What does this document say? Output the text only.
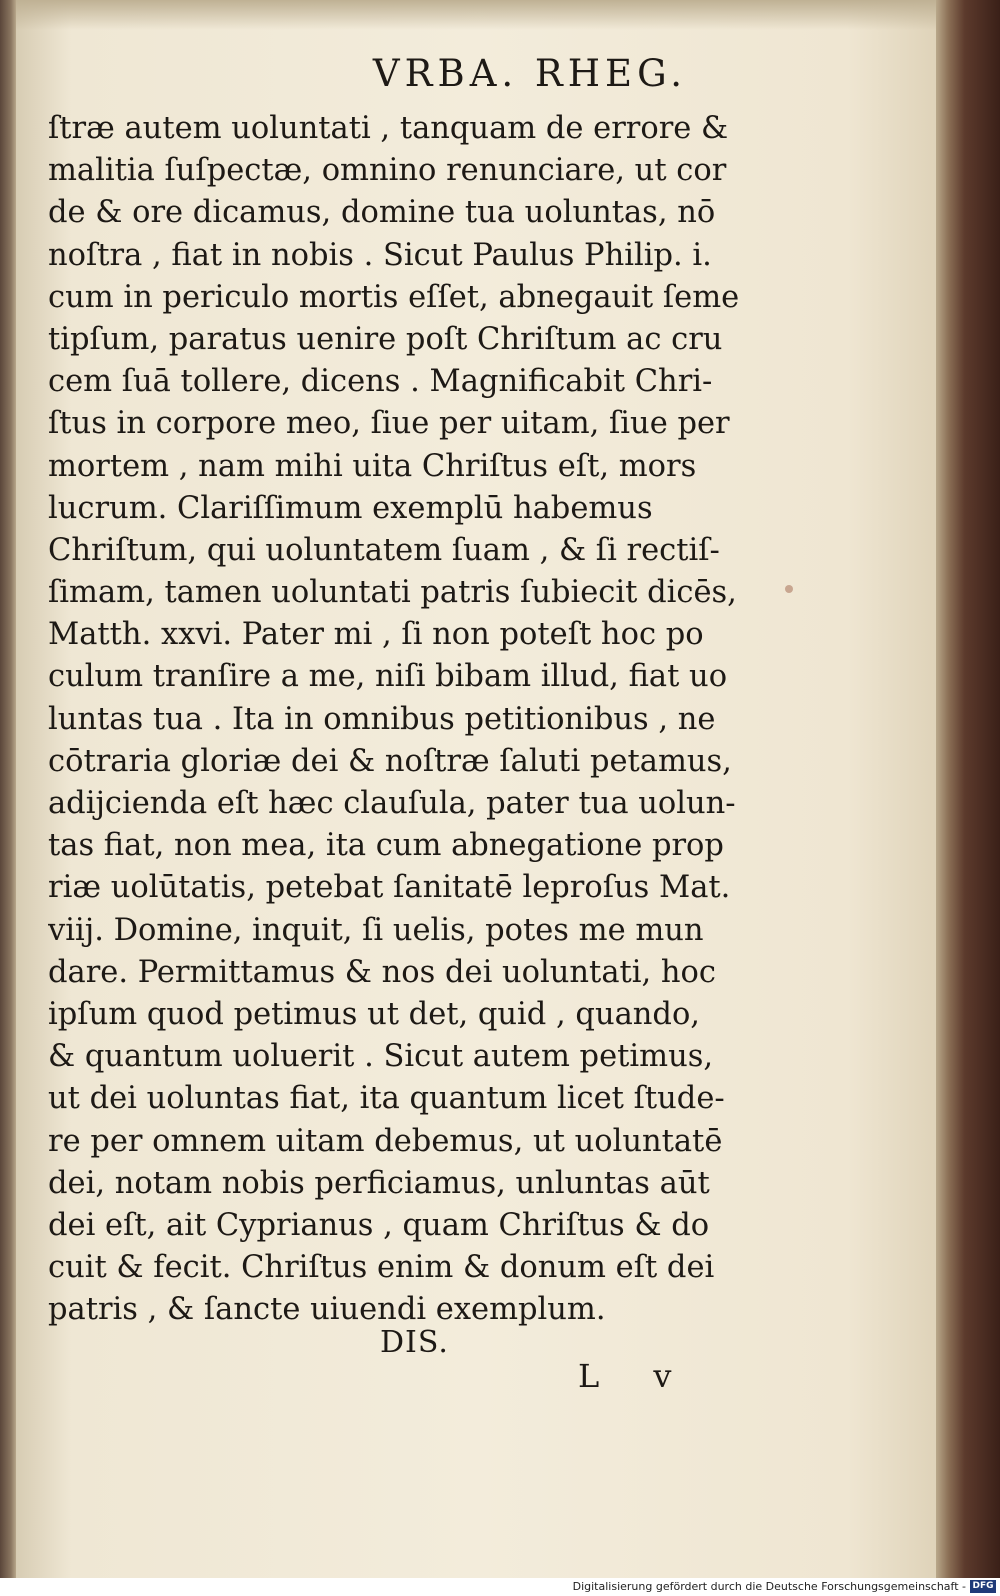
VRBA. RHEG.
ſtræ autem uoluntati , tanquam de errore &
malitia ſuſpectæ, omnino renunciare, ut cor
de & ore dicamus, domine tua uoluntas, nō
noſtra , fiat in nobis . Sicut Paulus Philip. i.
cum in periculo mortis eſſet, abnegauit ſeme
tipſum, paratus uenire poſt Chriſtum ac cru
cem ſuā tollere, dicens . Magnificabit Chri-
ſtus in corpore meo, ſiue per uitam, ſiue per
mortem , nam mihi uita Chriſtus eſt, mors
lucrum. Clariſſimum exemplū habemus
Chriſtum, qui uoluntatem ſuam , & ſi rectiſ-
ſimam, tamen uoluntati patris ſubiecit dicēs,
Matth. xxvi. Pater mi , ſi non poteſt hoc po
culum tranſire a me, niſi bibam illud, fiat uo
luntas tua . Ita in omnibus petitionibus , ne
cōtraria gloriæ dei & noſtræ ſaluti petamus,
adijcienda eſt hæc clauſula, pater tua uolun-
tas fiat, non mea, ita cum abnegatione prop
riæ uolūtatis, petebat ſanitatē leproſus Mat.
viij. Domine, inquit, ſi uelis, potes me mun
dare. Permittamus & nos dei uoluntati, hoc
ipſum quod petimus ut det, quid , quando,
& quantum uoluerit . Sicut autem petimus,
ut dei uoluntas fiat, ita quantum licet ſtude-
re per omnem uitam debemus, ut uoluntatē
dei, notam nobis perficiamus, unluntas aūt
dei eſt, ait Cyprianus , quam Chriſtus & do
cuit & fecit. Chriſtus enim & donum eſt dei
patris , & ſancte uiuendi exemplum.
DIS.
L v
Digitalisierung gefördert durch die Deutsche Forschungsgemeinschaft - DFG
